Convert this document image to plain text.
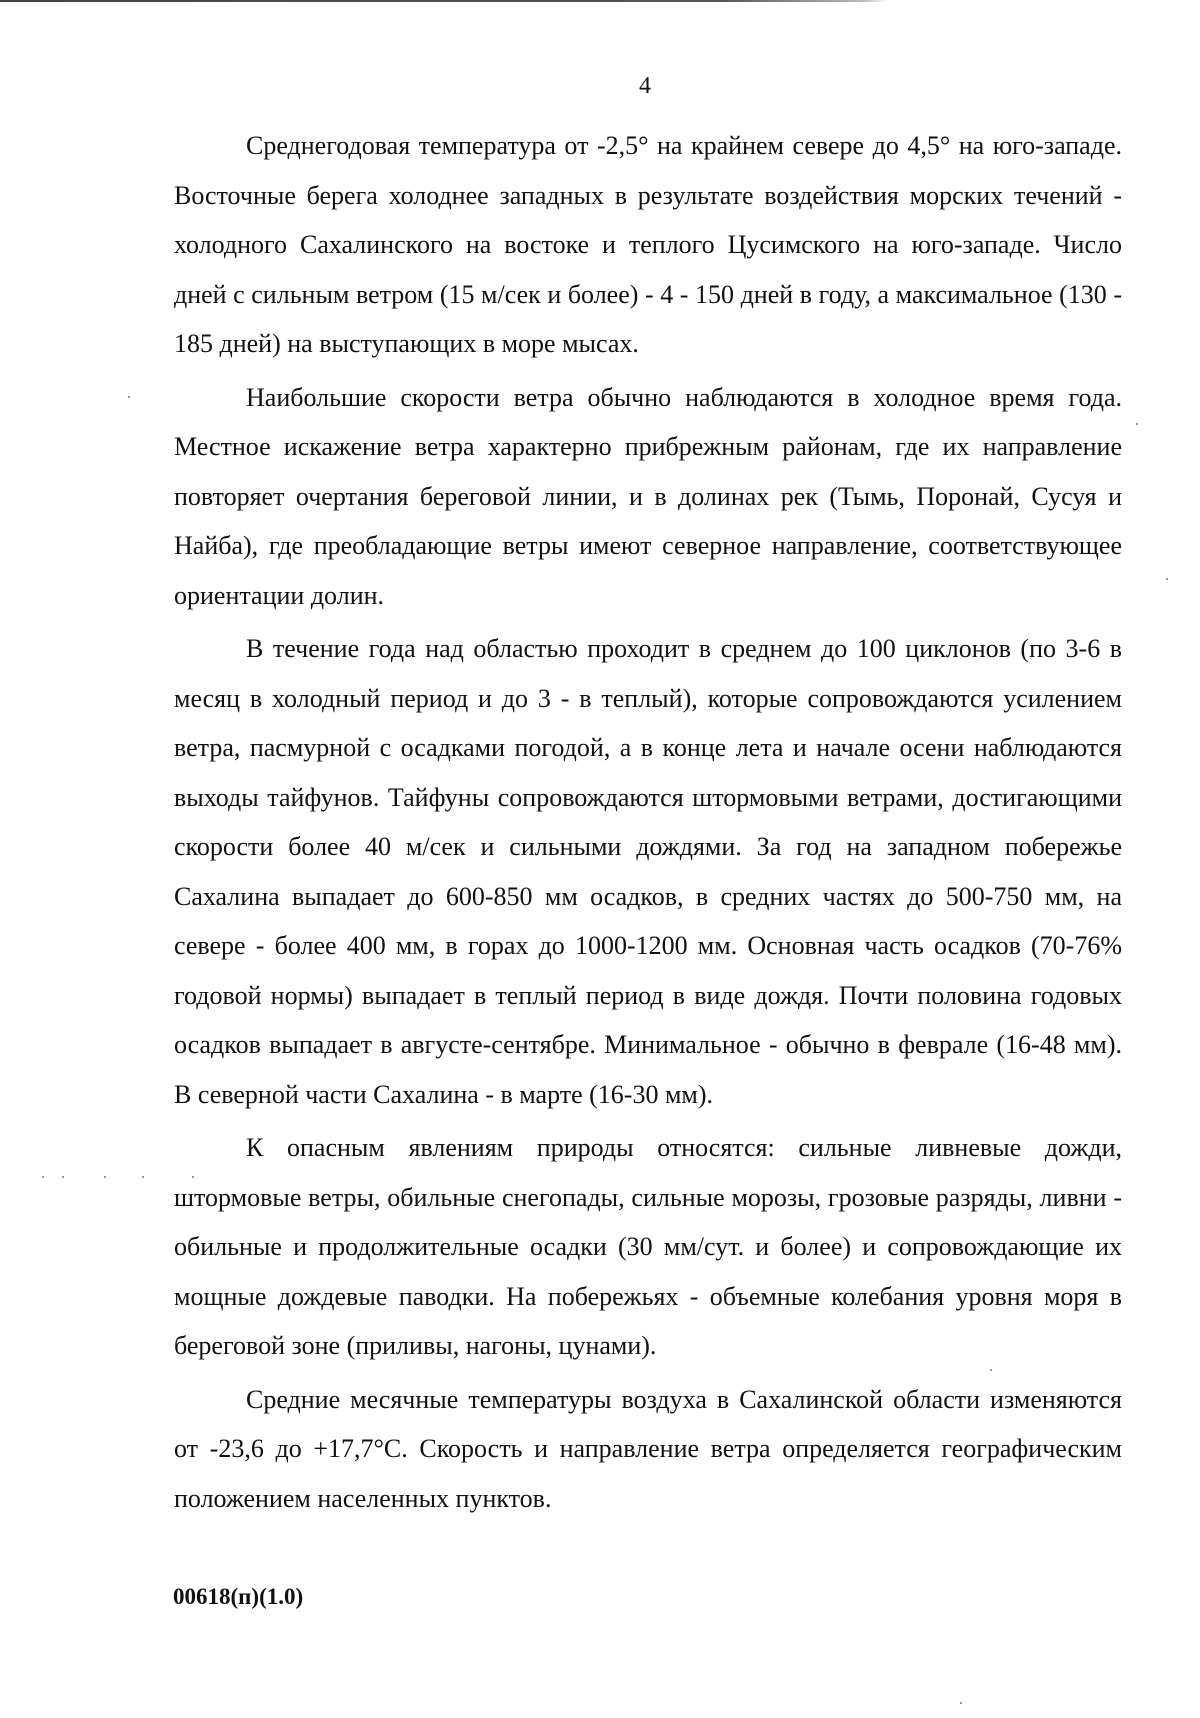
4

Среднегодовая температура от -2,5° на крайнем севере до 4,5° на юго-западе. Восточные берега холоднее западных в результате воздействия морских течений - холодного Сахалинского на востоке и теплого Цусимского на юго-западе. Число дней с сильным ветром (15 м/сек и более) - 4 - 150 дней в году, а максимальное (130 - 185 дней) на выступающих в море мысах.

Наибольшие скорости ветра обычно наблюдаются в холодное время года. Местное искажение ветра характерно прибрежным районам, где их направление повторяет очертания береговой линии, и в долинах рек (Тымь, Поронай, Сусуя и Найба), где преобладающие ветры имеют северное направление, соответствующее ориентации долин.

В течение года над областью проходит в среднем до 100 циклонов (по 3-6 в месяц в холодный период и до 3 - в теплый), которые сопровождаются усилением ветра, пасмурной с осадками погодой, а в конце лета и начале осени наблюдаются выходы тайфунов. Тайфуны сопровождаются штормовыми ветрами, достигающими скорости более 40 м/сек и сильными дождями. За год на западном побережье Сахалина выпадает до 600-850 мм осадков, в средних частях до 500-750 мм, на севере - более 400 мм, в горах до 1000-1200 мм. Основная часть осадков (70-76% годовой нормы) выпадает в теплый период в виде дождя. Почти половина годовых осадков выпадает в августе-сентябре. Минимальное - обычно в феврале (16-48 мм). В северной части Сахалина - в марте (16-30 мм).

К опасным явлениям природы относятся: сильные ливневые дожди, штормовые ветры, обильные снегопады, сильные морозы, грозовые разряды, ливни - обильные и продолжительные осадки (30 мм/сут. и более) и сопровождающие их мощные дождевые паводки. На побережьях - объемные колебания уровня моря в береговой зоне (приливы, нагоны, цунами).

Средние месячные температуры воздуха в Сахалинской области изменяются от -23,6 до +17,7°С. Скорость и направление ветра определяется географическим положением населенных пунктов.

00618(п)(1.0)
